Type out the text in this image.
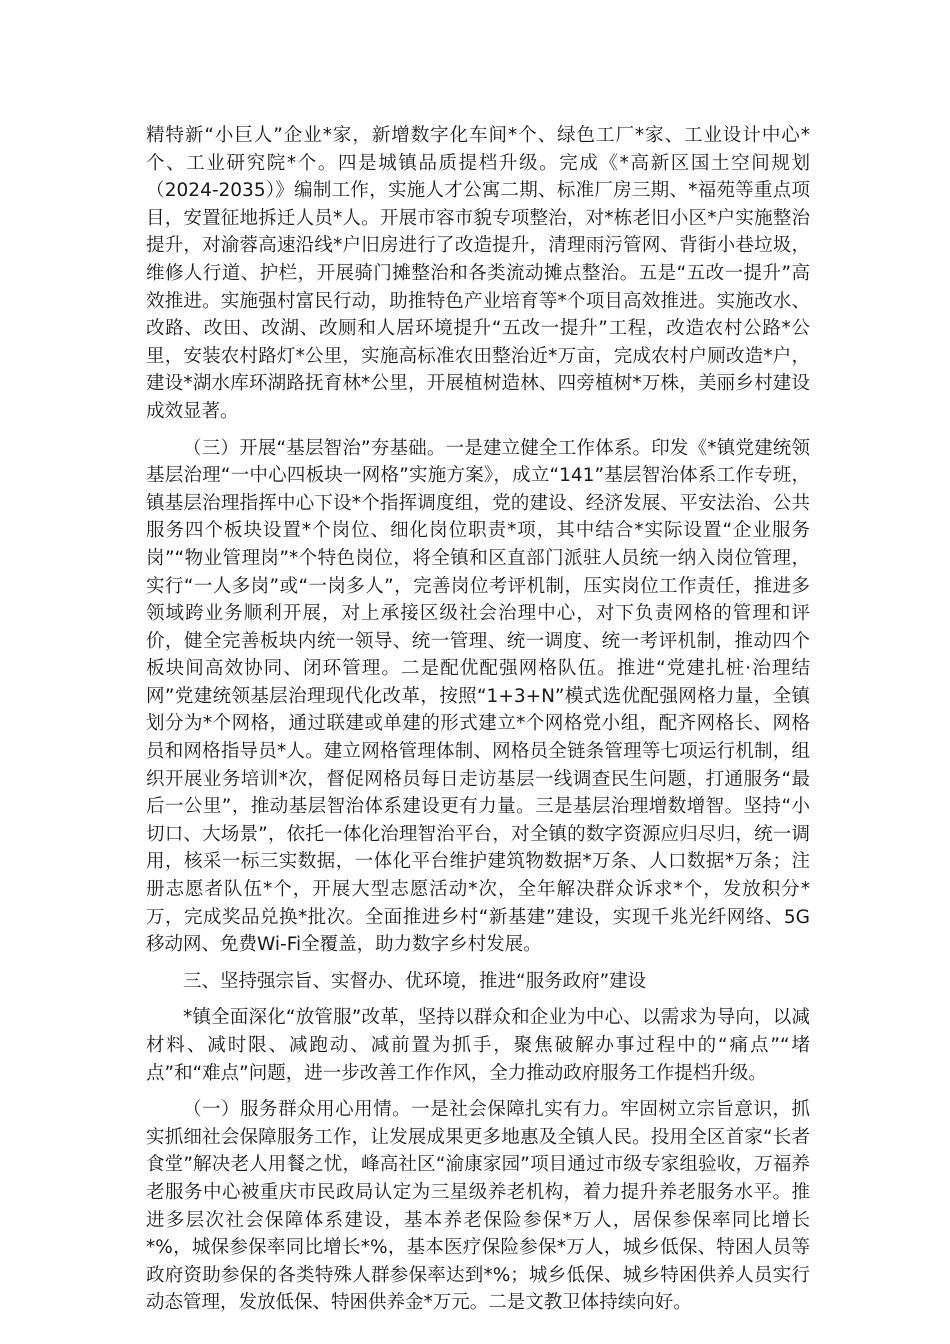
精特新“小巨人”企业*家，新增数字化车间*个、绿色工厂*家、工业设计中心*个、工业研究院*个。四是城镇品质提档升级。完成《*高新区国土空间规划（2024-2035）》编制工作，实施人才公寓二期、标准厂房三期、*福苑等重点项目，安置征地拆迁人员*人。开展市容市貌专项整治，对*栋老旧小区*户实施整治提升，对渝蓉高速沿线*户旧房进行了改造提升，清理雨污管网、背街小巷垃圾，维修人行道、护栏，开展骑门摊整治和各类流动摊点整治。五是“五改一提升”高效推进。实施强村富民行动，助推特色产业培育等*个项目高效推进。实施改水、改路、改田、改湖、改厕和人居环境提升“五改一提升”工程，改造农村公路*公里，安装农村路灯*公里，实施高标准农田整治近*万亩，完成农村户厕改造*户，建设*湖水库环湖路抚育林*公里，开展植树造林、四旁植树*万株，美丽乡村建设成效显著。

（三）开展“基层智治”夯基础。一是建立健全工作体系。印发《*镇党建统领基层治理“一中心四板块一网格”实施方案》，成立“141”基层智治体系工作专班，镇基层治理指挥中心下设*个指挥调度组，党的建设、经济发展、平安法治、公共服务四个板块设置*个岗位、细化岗位职责*项，其中结合*实际设置“企业服务岗”“物业管理岗”*个特色岗位，将全镇和区直部门派驻人员统一纳入岗位管理，实行“一人多岗”或“一岗多人”，完善岗位考评机制，压实岗位工作责任，推进多领域跨业务顺利开展，对上承接区级社会治理中心，对下负责网格的管理和评价，健全完善板块内统一领导、统一管理、统一调度、统一考评机制，推动四个板块间高效协同、闭环管理。二是配优配强网格队伍。推进“党建扎桩·治理结网”党建统领基层治理现代化改革，按照“1+3+N”模式选优配强网格力量，全镇划分为*个网格，通过联建或单建的形式建立*个网格党小组，配齐网格长、网格员和网格指导员*人。建立网格管理体制、网格员全链条管理等七项运行机制，组织开展业务培训*次，督促网格员每日走访基层一线调查民生问题，打通服务“最后一公里”，推动基层智治体系建设更有力量。三是基层治理增数增智。坚持“小切口、大场景”，依托一体化治理智治平台，对全镇的数字资源应归尽归，统一调用，核采一标三实数据，一体化平台维护建筑物数据*万条、人口数据*万条；注册志愿者队伍*个，开展大型志愿活动*次，全年解决群众诉求*个，发放积分*万，完成奖品兑换*批次。全面推进乡村“新基建”建设，实现千兆光纤网络、5G移动网、免费Wi-Fi全覆盖，助力数字乡村发展。

三、坚持强宗旨、实督办、优环境，推进“服务政府”建设

*镇全面深化“放管服”改革，坚持以群众和企业为中心、以需求为导向，以减材料、减时限、减跑动、减前置为抓手，聚焦破解办事过程中的“痛点”“堵点”和“难点”问题，进一步改善工作作风，全力推动政府服务工作提档升级。

（一）服务群众用心用情。一是社会保障扎实有力。牢固树立宗旨意识，抓实抓细社会保障服务工作，让发展成果更多地惠及全镇人民。投用全区首家“长者食堂”解决老人用餐之忧，峰高社区“渝康家园”项目通过市级专家组验收，万福养老服务中心被重庆市民政局认定为三星级养老机构，着力提升养老服务水平。推进多层次社会保障体系建设，基本养老保险参保*万人，居保参保率同比增长*%，城保参保率同比增长*%，基本医疗保险参保*万人，城乡低保、特困人员等政府资助参保的各类特殊人群参保率达到*%；城乡低保、城乡特困供养人员实行动态管理，发放低保、特困供养金*万元。二是文教卫体持续向好。
